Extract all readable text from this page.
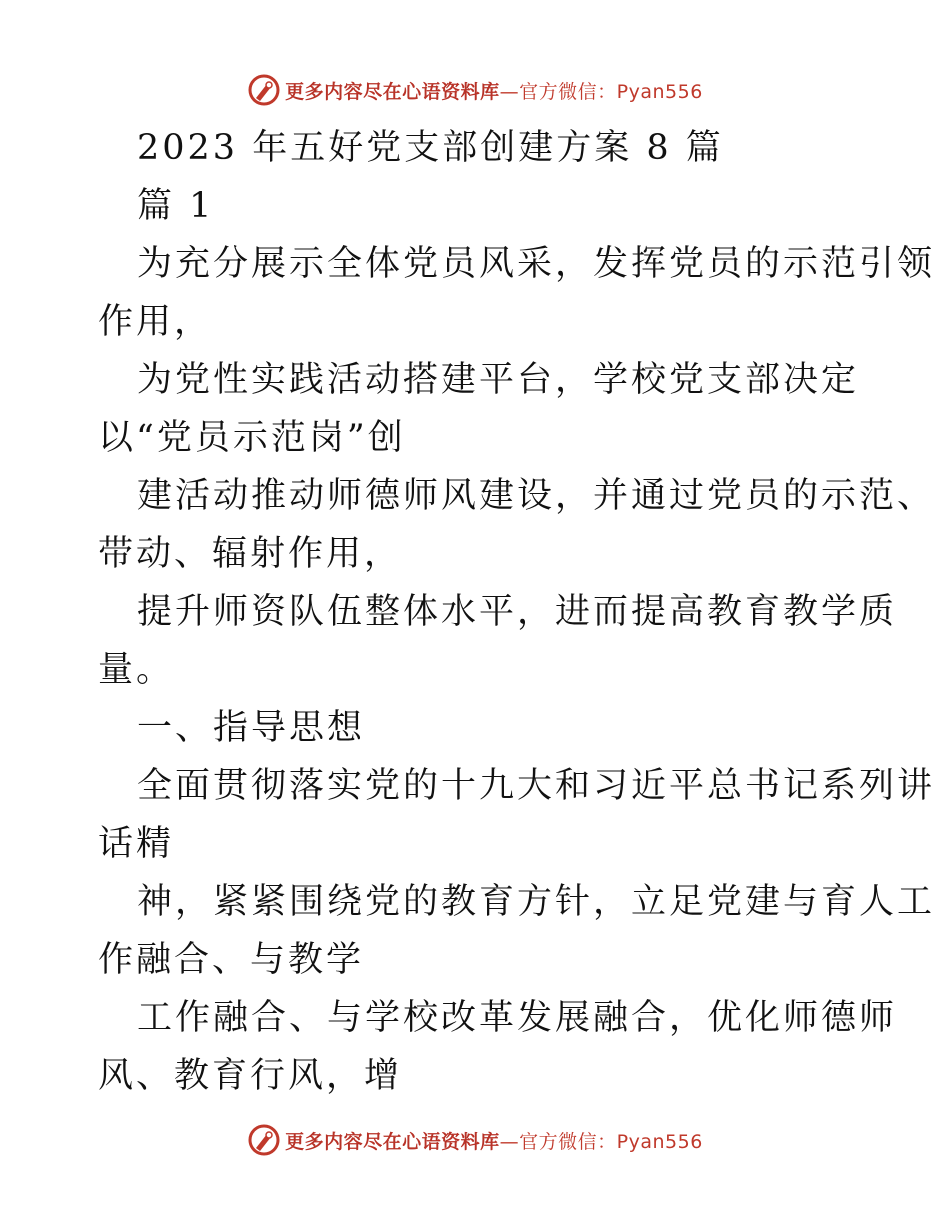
更多内容尽在心语资料库—官方微信：Pyan556
2023 年五好党支部创建方案 8 篇
篇 1
为充分展示全体党员风采，发挥党员的示范引领
作用，
为党性实践活动搭建平台，学校党支部决定
以“党员示范岗”创
建活动推动师德师风建设，并通过党员的示范、
带动、辐射作用，
提升师资队伍整体水平，进而提高教育教学质
量。
一、指导思想
全面贯彻落实党的十九大和习近平总书记系列讲
话精
神，紧紧围绕党的教育方针，立足党建与育人工
作融合、与教学
工作融合、与学校改革发展融合，优化师德师
风、教育行风，增
更多内容尽在心语资料库—官方微信：Pyan556
